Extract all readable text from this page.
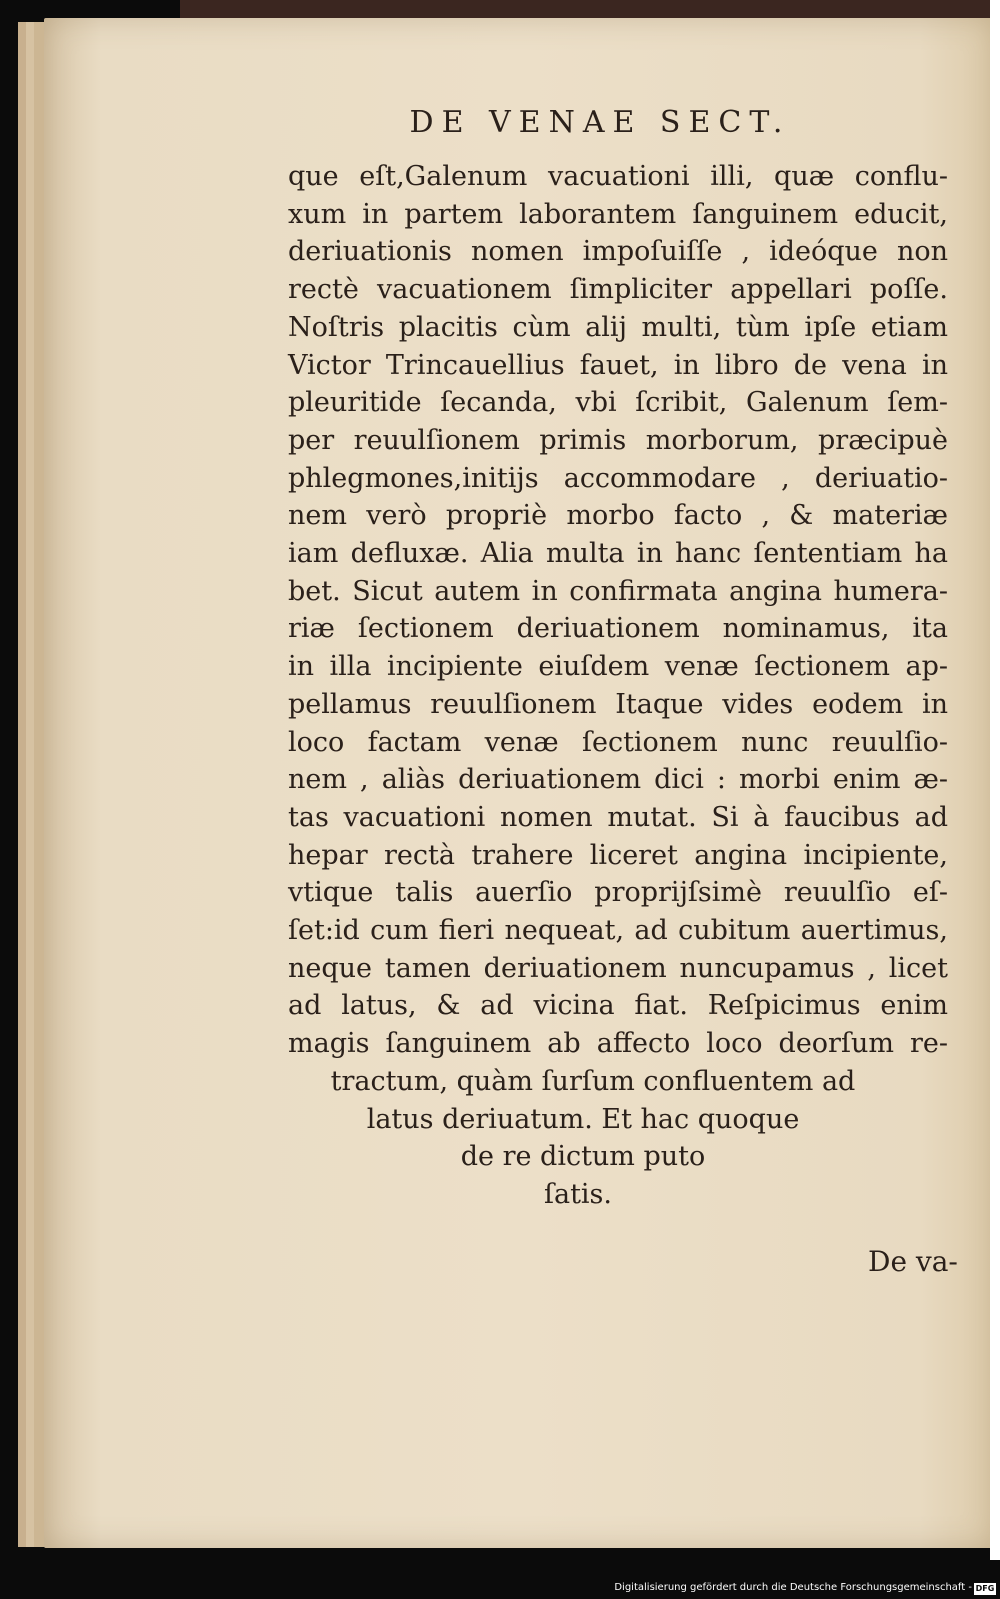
DE VENAE SECT.
que eſt,Galenum vacuationi illi, quæ conflu-
xum in partem laborantem ſanguinem educit,
deriuationis nomen impoſuiſſe , ideóque non
rectè vacuationem ſimpliciter appellari poſſe.
Noſtris placitis cùm alij multi, tùm ipſe etiam
Victor Trincauellius fauet, in libro de vena in
pleuritide ſecanda, vbi ſcribit, Galenum ſem-
per reuulſionem primis morborum, præcipuè
phlegmones,initijs accommodare , deriuatio-
nem verò propriè morbo facto , & materiæ
iam defluxæ. Alia multa in hanc ſententiam ha
bet. Sicut autem in confirmata angina humera-
riæ ſectionem deriuationem nominamus, ita
in illa incipiente eiuſdem venæ ſectionem ap-
pellamus reuulſionem Itaque vides eodem in
loco factam venæ ſectionem nunc reuulſio-
nem , aliàs deriuationem dici : morbi enim æ-
tas vacuationi nomen mutat. Si à faucibus ad
hepar rectà trahere liceret angina incipiente,
vtique talis auerſio proprijſsimè reuulſio eſ-
ſet:id cum fieri nequeat, ad cubitum auertimus,
neque tamen deriuationem nuncupamus , licet
ad latus, & ad vicina fiat. Reſpicimus enim
magis ſanguinem ab affecto loco deorſum re-
tractum, quàm ſurſum confluentem ad
latus deriuatum. Et hac quoque
de re dictum puto
ſatis.
De va-
Digitalisierung gefördert durch die Deutsche Forschungsgemeinschaft - DFG
